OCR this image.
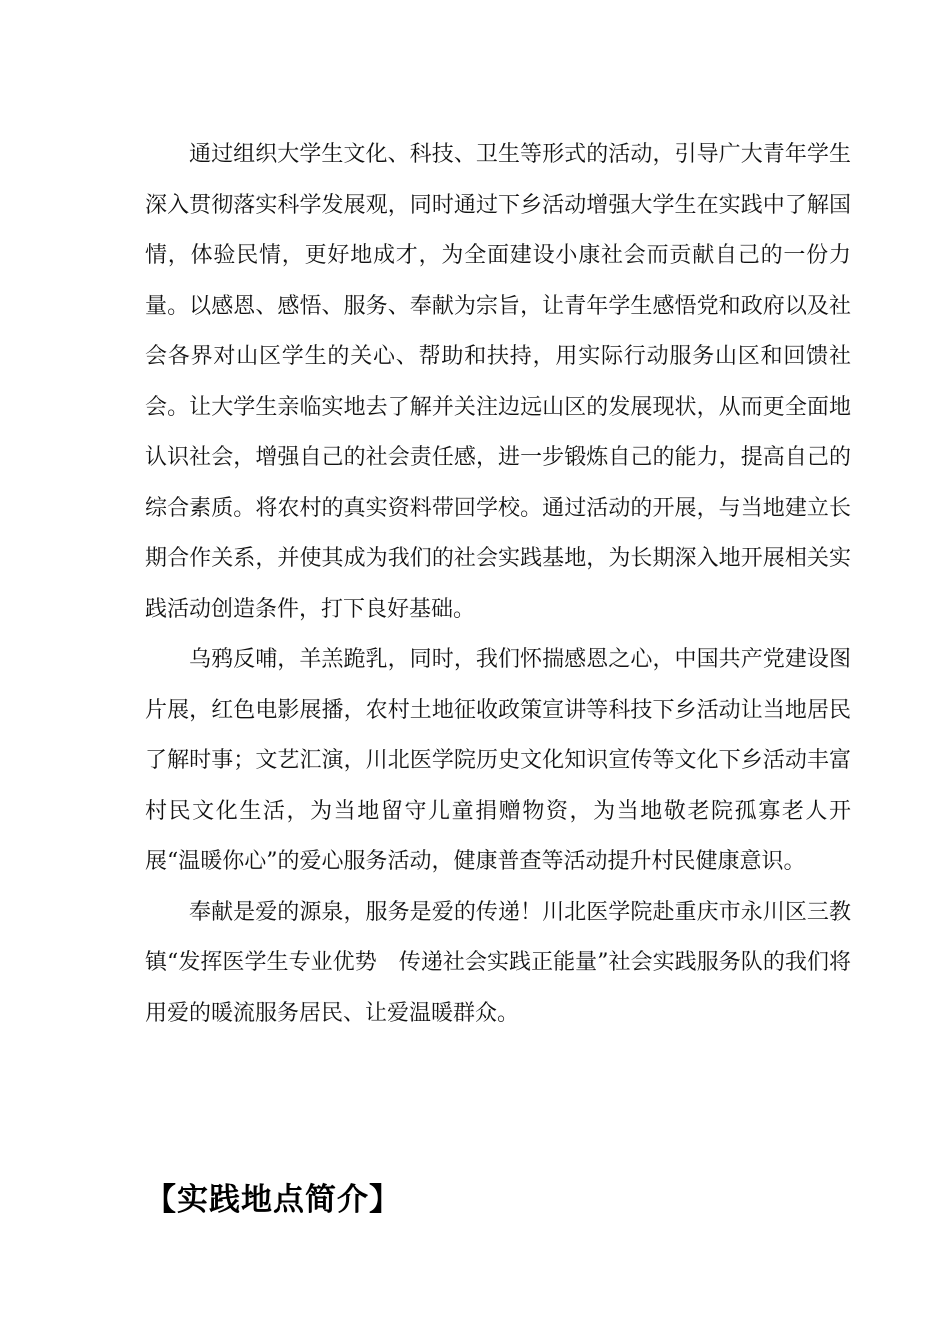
通过组织大学生文化、科技、卫生等形式的活动，引导广大青年学生深入贯彻落实科学发展观，同时通过下乡活动增强大学生在实践中了解国情，体验民情，更好地成才，为全面建设小康社会而贡献自己的一份力量。以感恩、感悟、服务、奉献为宗旨，让青年学生感悟党和政府以及社会各界对山区学生的关心、帮助和扶持，用实际行动服务山区和回馈社会。让大学生亲临实地去了解并关注边远山区的发展现状，从而更全面地认识社会，增强自己的社会责任感，进一步锻炼自己的能力，提高自己的综合素质。将农村的真实资料带回学校。通过活动的开展，与当地建立长期合作关系，并使其成为我们的社会实践基地，为长期深入地开展相关实践活动创造条件，打下良好基础。

乌鸦反哺，羊羔跪乳，同时，我们怀揣感恩之心，中国共产党建设图片展，红色电影展播，农村土地征收政策宣讲等科技下乡活动让当地居民了解时事；文艺汇演，川北医学院历史文化知识宣传等文化下乡活动丰富村民文化生活，为当地留守儿童捐赠物资，为当地敬老院孤寡老人开展“温暖你心”的爱心服务活动，健康普查等活动提升村民健康意识。

奉献是爱的源泉，服务是爱的传递！川北医学院赴重庆市永川区三教镇“发挥医学生专业优势　传递社会实践正能量”社会实践服务队的我们将用爱的暖流服务居民、让爱温暖群众。

【实践地点简介】
